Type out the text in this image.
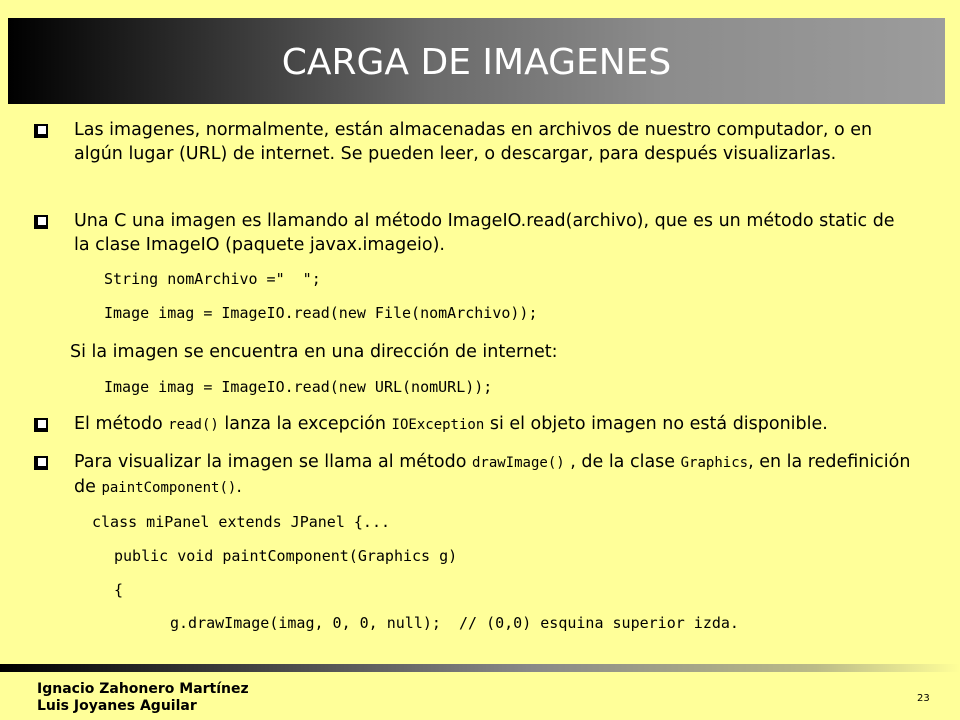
CARGA DE IMAGENES
Las imagenes, normalmente, están almacenadas en archivos de nuestro computador, o en algún lugar (URL) de internet. Se pueden leer, o descargar, para después visualizarlas.
Una C una imagen es llamando al método ImageIO.read(archivo), que es un método static de la clase ImageIO (paquete javax.imageio).
String nomArchivo ="  ";
Image imag = ImageIO.read(new File(nomArchivo));
Si la imagen se encuentra en una dirección de internet:
Image imag = ImageIO.read(new URL(nomURL));
El método read() lanza la excepción IOException si el objeto imagen no está disponible.
Para visualizar la imagen se llama al método drawImage() , de la clase Graphics, en la redefinición de paintComponent().
class miPanel extends JPanel {...
public void paintComponent(Graphics g)
{
g.drawImage(imag, 0, 0, null);  // (0,0) esquina superior izda.
Ignacio Zahonero Martínez
Luis Joyanes Aguilar	23
